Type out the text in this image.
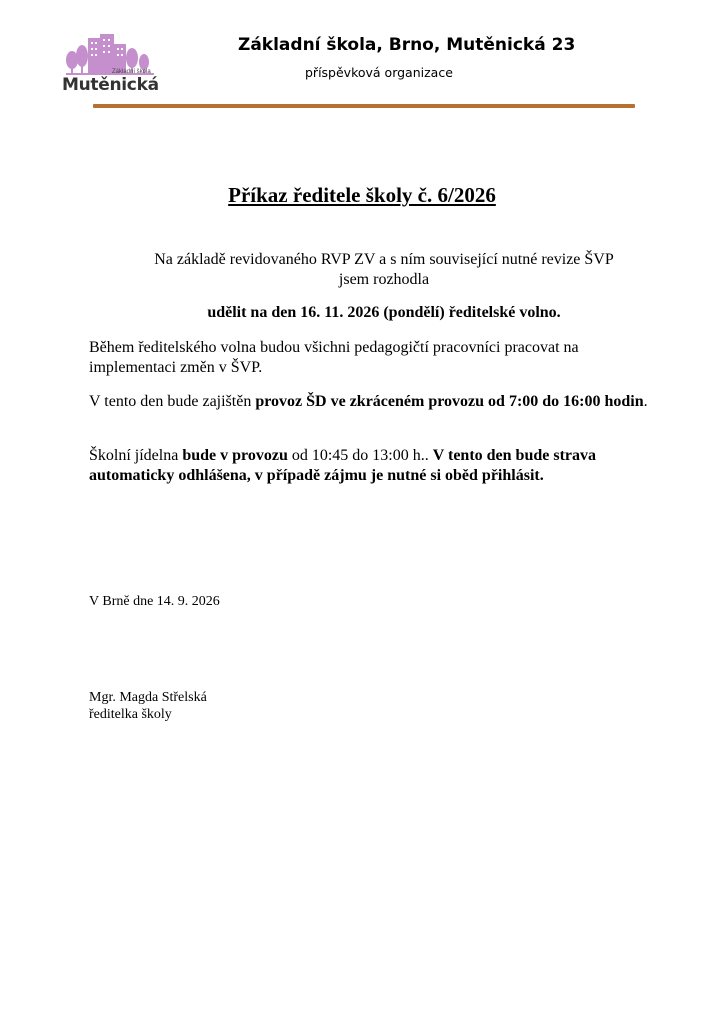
Základní škola
Mutěnická
Základní škola, Brno, Mutěnická 23
příspěvková organizace
Příkaz ředitele školy č. 6/2026
Na základě revidovaného RVP ZV a s ním související nutné revize ŠVP
jsem rozhodla
udělit na den 16. 11. 2026 (pondělí) ředitelské volno.
Během ředitelského volna budou všichni pedagogičtí pracovníci pracovat na implementaci změn v ŠVP.
V tento den bude zajištěn provoz ŠD ve zkráceném provozu od 7:00 do 16:00 hodin.
Školní jídelna bude v provozu od 10:45 do 13:00 h.. V tento den bude strava automaticky odhlášena, v případě zájmu je nutné si oběd přihlásit.
V Brně dne 14. 9. 2026
Mgr. Magda Střelská
ředitelka školy
